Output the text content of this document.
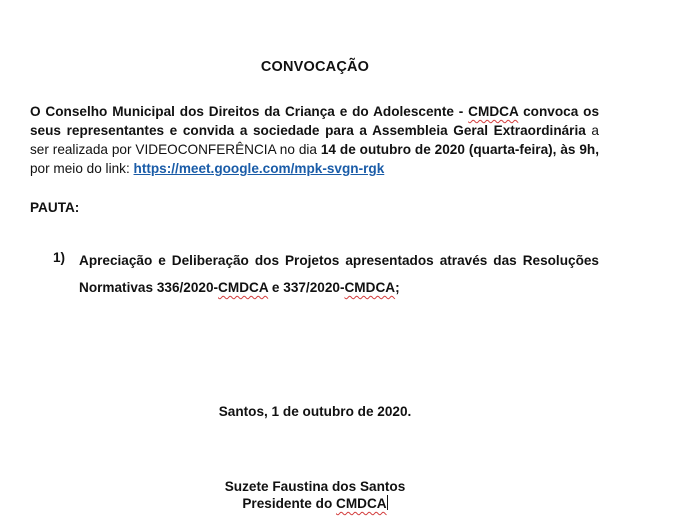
CONVOCAÇÃO
O Conselho Municipal dos Direitos da Criança e do Adolescente - CMDCA convoca os seus representantes e convida a sociedade para a Assembleia Geral Extraordinária a ser realizada por VIDEOCONFERÊNCIA no dia 14 de outubro de 2020 (quarta-feira), às 9h, por meio do link: https://meet.google.com/mpk-svgn-rgk
PAUTA:
1) Apreciação e Deliberação dos Projetos apresentados através das Resoluções Normativas 336/2020-CMDCA e 337/2020-CMDCA;
Santos, 1 de outubro de 2020.
Suzete Faustina dos Santos
Presidente do CMDCA
